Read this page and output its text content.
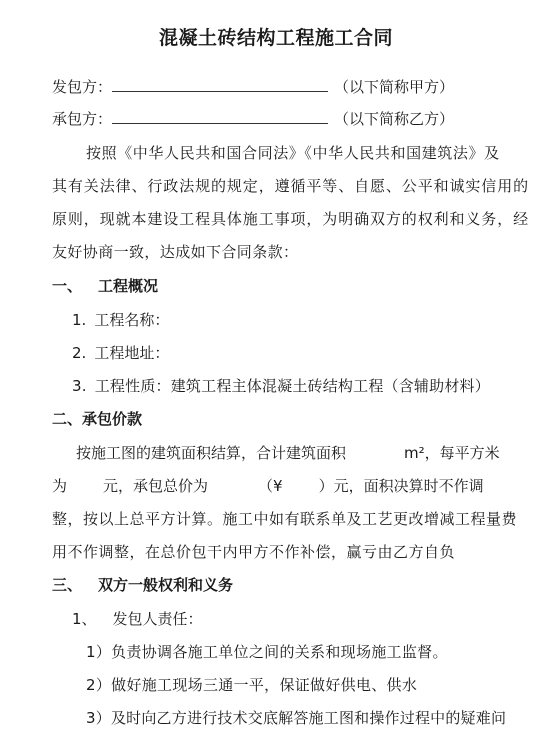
混凝土砖结构工程施工合同
发包方：	（以下简称甲方）
承包方：	（以下简称乙方）
按照《中华人民共和国合同法》《中华人民共和国建筑法》及
其有关法律、行政法规的规定，遵循平等、自愿、公平和诚实信用的
原则，现就本建设工程具体施工事项，为明确双方的权利和义务，经
友好协商一致，达成如下合同条款：
一、 工程概况
1. 工程名称：
2. 工程地址：
3. 工程性质：建筑工程主体混凝土砖结构工程（含辅助材料）
二、承包价款
按施工图的建筑面积结算，合计建筑面积	m²，每平方米
为 元，承包总价为	（¥ ）元，面积决算时不作调
整，按以上总平方计算。施工中如有联系单及工艺更改增减工程量费
用不作调整，在总价包干内甲方不作补偿，赢亏由乙方自负
三、 双方一般权利和义务
1、 发包人责任：
1）负责协调各施工单位之间的关系和现场施工监督。
2）做好施工现场三通一平，保证做好供电、供水
3）及时向乙方进行技术交底解答施工图和操作过程中的疑难问
